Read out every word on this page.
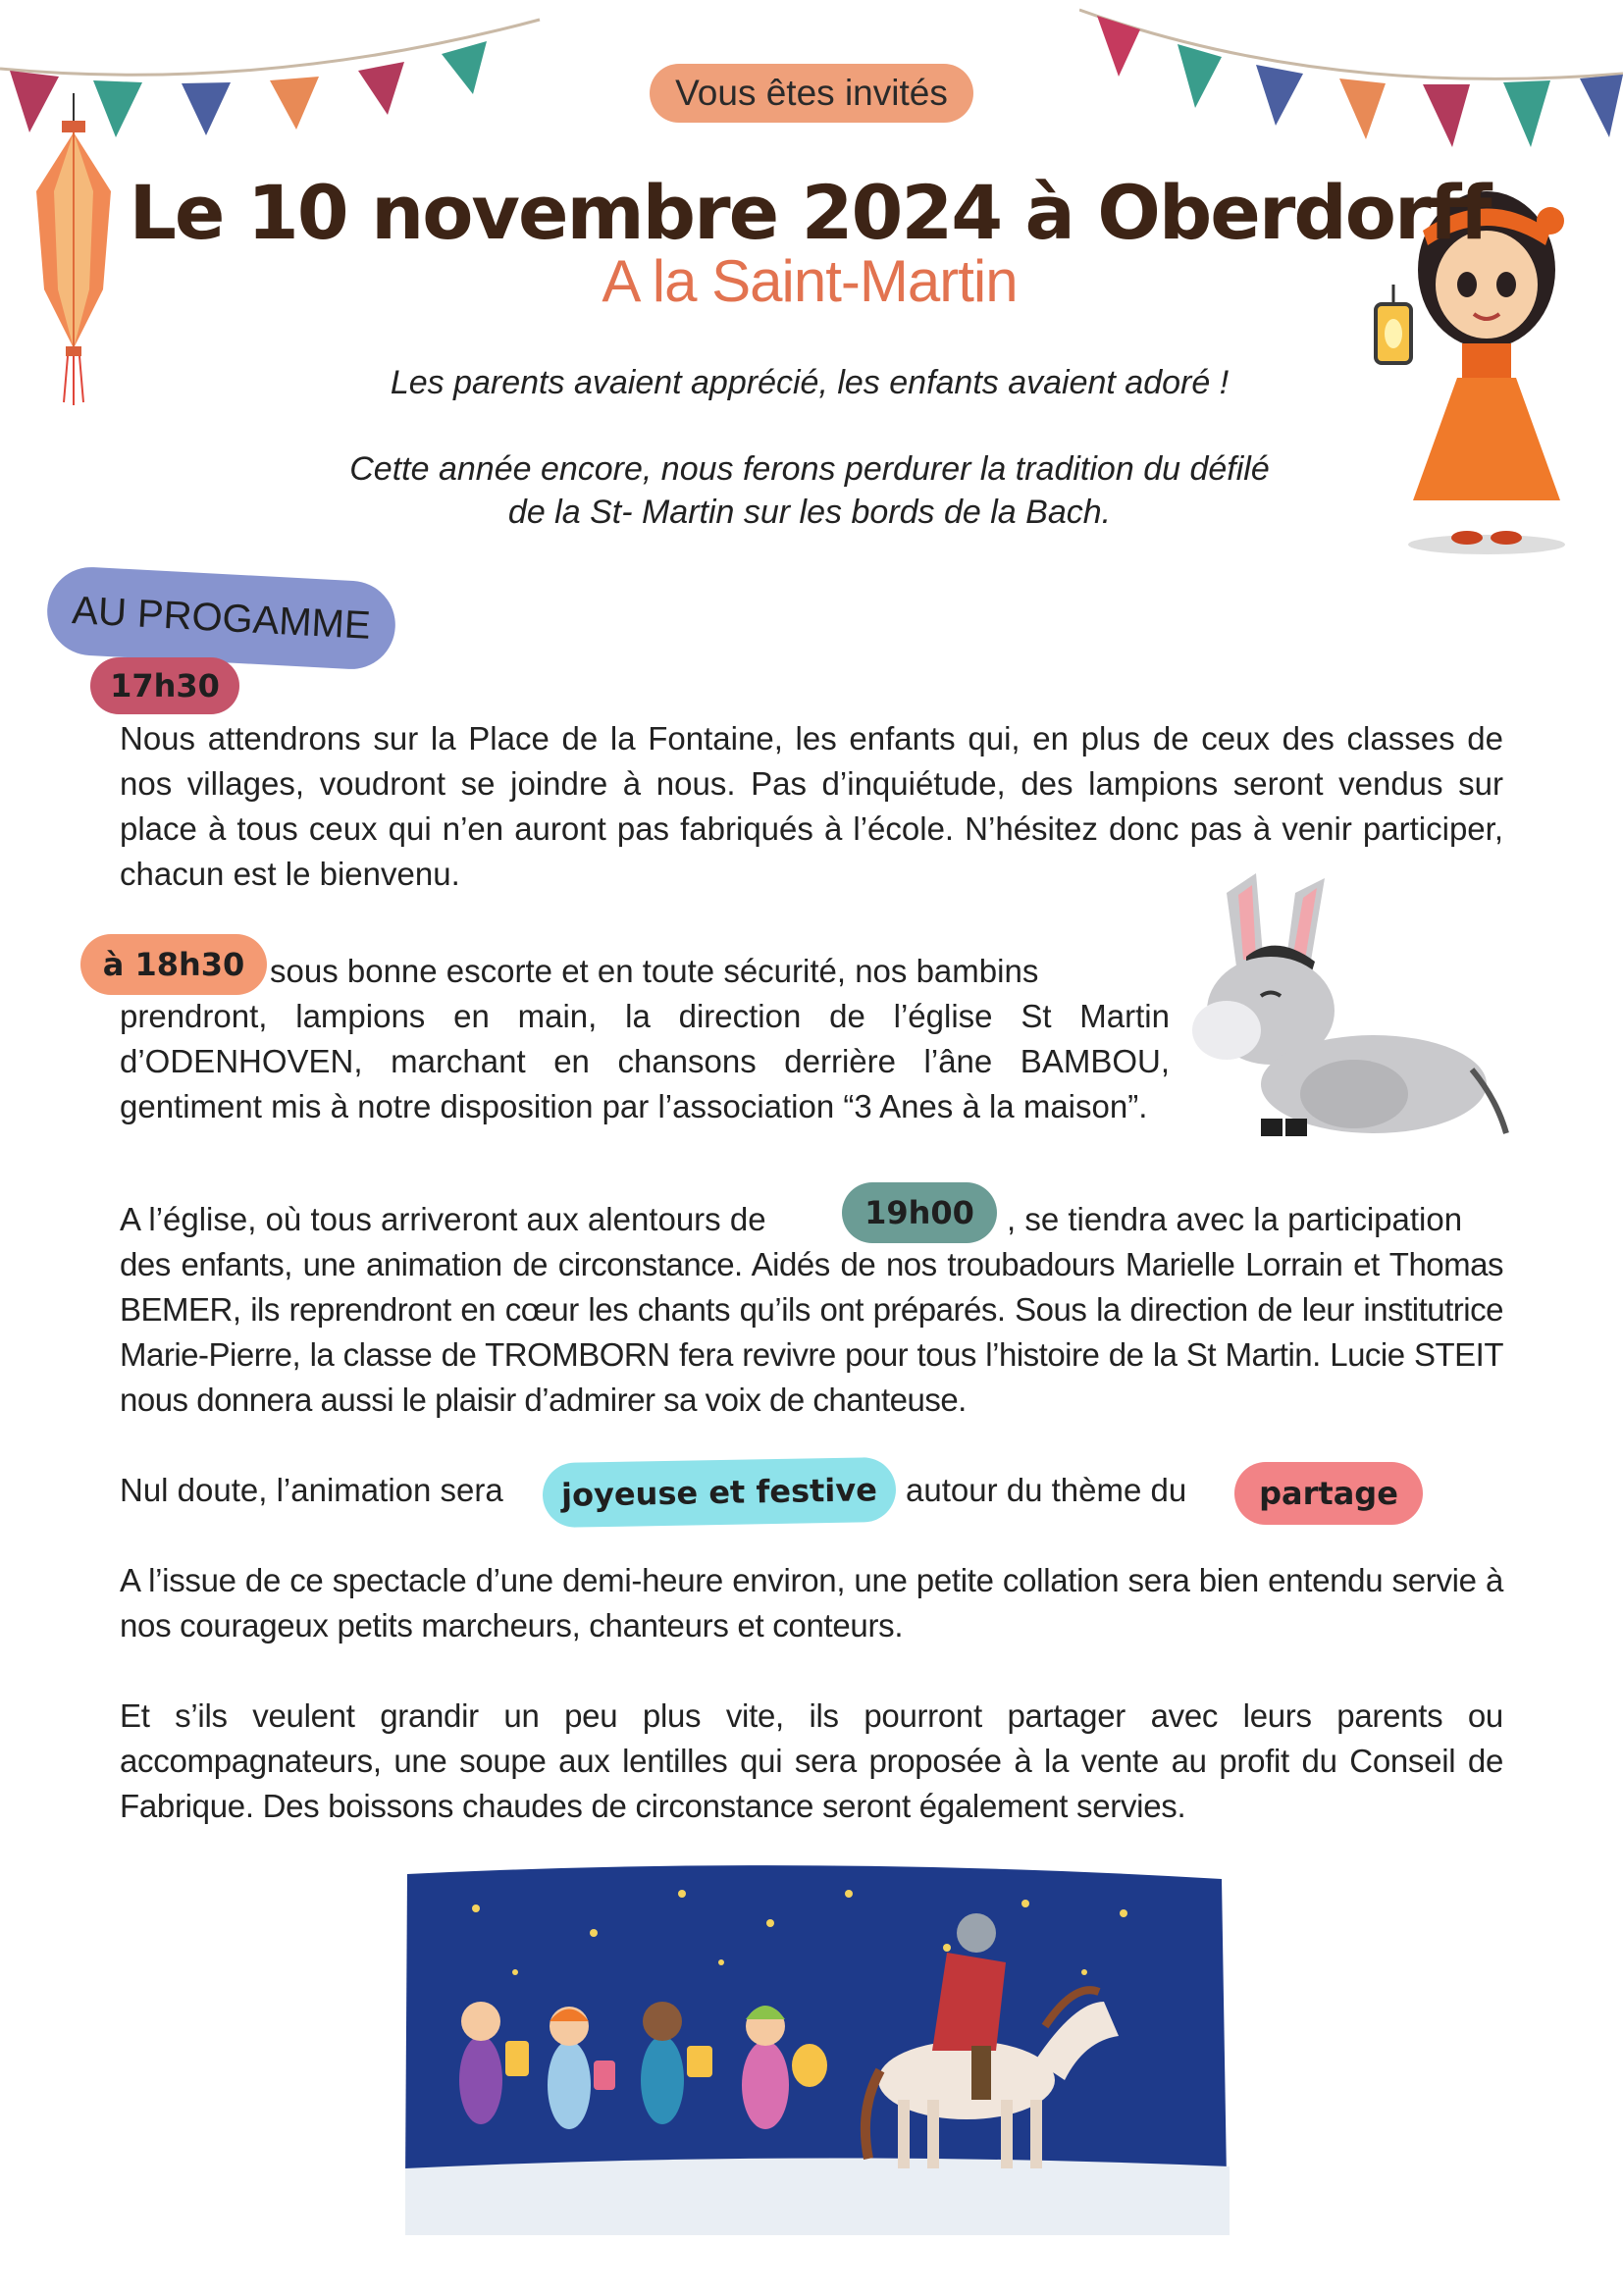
Vous êtes invités
Le 10 novembre 2024 à Oberdorff
A la Saint-Martin
Les parents avaient apprécié, les enfants avaient adoré !
Cette année encore, nous ferons perdurer la tradition du défilé
de la St- Martin sur les bords de la Bach.
AU PROGAMME
17h30
Nous attendrons sur la Place de la Fontaine, les enfants qui, en plus de ceux des classes de nos villages, voudront se joindre à nous. Pas d’inquiétude, des lampions seront vendus sur place à tous ceux qui n’en auront pas fabriqués à l’école. N’hésitez donc pas à venir participer, chacun est le bienvenu.
à 18h30 sous bonne escorte et en toute sécurité, nos bambins
prendront, lampions en main, la direction de l’église St Martin d’ODENHOVEN, marchant en chansons derrière l’âne BAMBOU, gentiment mis à notre disposition par l’association “3 Anes à la maison”.
A l’église, où tous arriveront aux alentours de	19h00	, se tiendra avec la participation
des enfants, une animation de circonstance. Aidés de nos troubadours Marielle Lorrain et Thomas BEMER, ils reprendront en cœur les chants qu’ils ont préparés. Sous la direction de leur institutrice Marie-Pierre, la classe de TROMBORN fera revivre pour tous l’histoire de la St Martin. Lucie STEIT nous donnera aussi le plaisir d’admirer sa voix de chanteuse.
Nul doute, l’animation sera	joyeuse et festive autour du thème du	partage
A l’issue de ce spectacle d’une demi-heure environ, une petite collation sera bien entendu servie à nos courageux petits marcheurs, chanteurs et conteurs.
Et s’ils veulent grandir un peu plus vite, ils pourront partager avec leurs parents ou accompagnateurs, une soupe aux lentilles qui sera proposée à la vente au profit du Conseil de Fabrique. Des boissons chaudes de circonstance seront également servies.
